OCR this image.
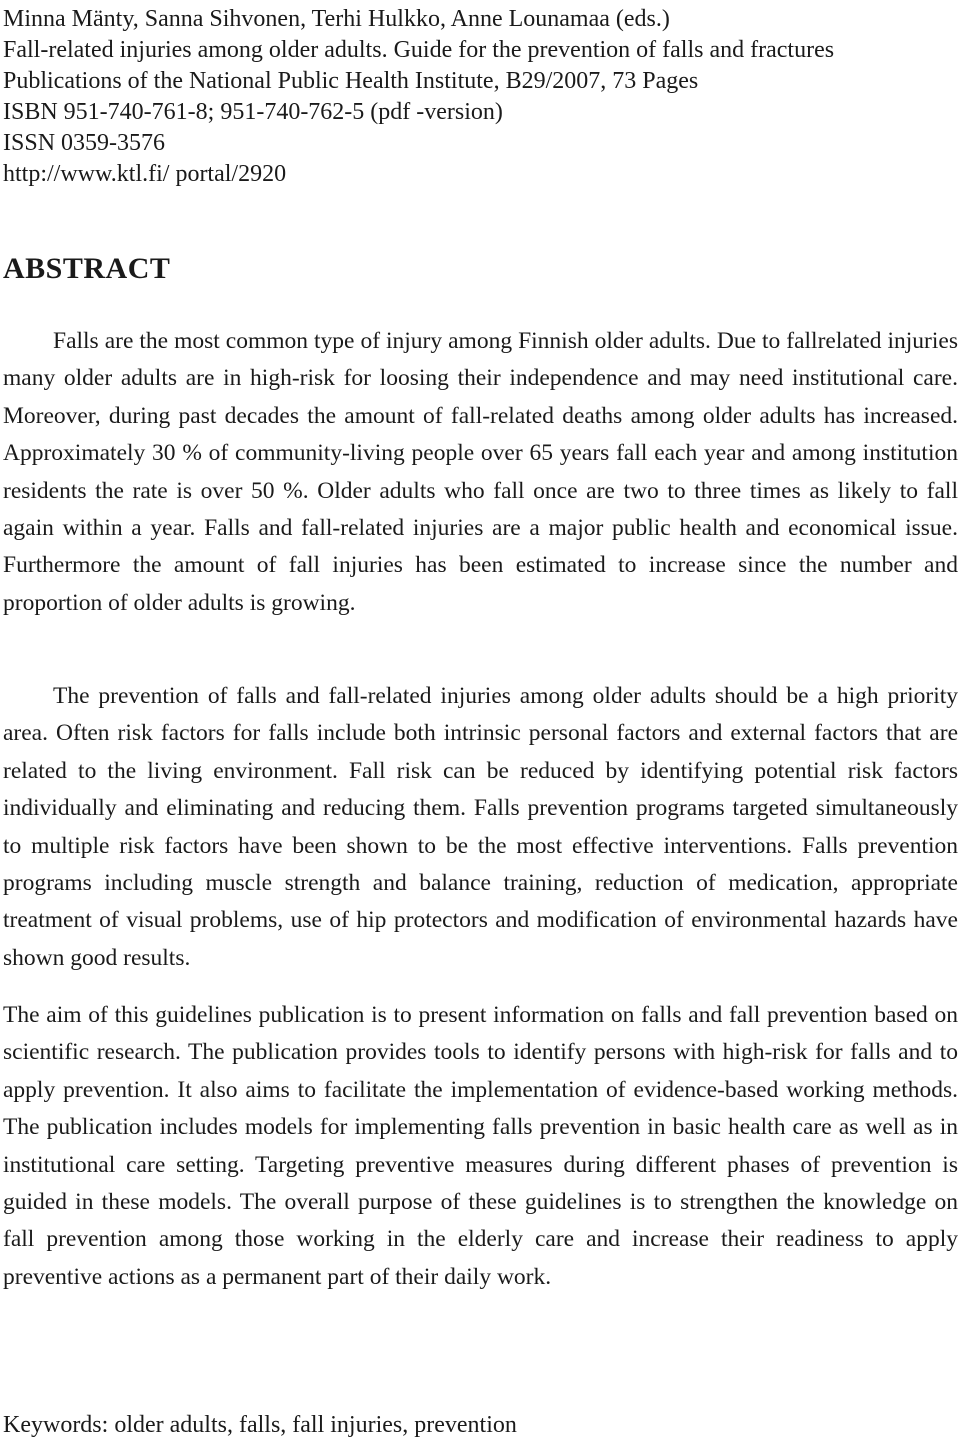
Minna Mänty, Sanna Sihvonen, Terhi Hulkko, Anne Lounamaa (eds.)
Fall-related injuries among older adults. Guide for the prevention of falls and fractures
Publications of the National Public Health Institute, B29/2007, 73 Pages
ISBN 951-740-761-8; 951-740-762-5 (pdf -version)
ISSN 0359-3576
http://www.ktl.fi/ portal/2920
ABSTRACT

Falls are the most common type of injury among Finnish older adults. Due to fallrelated injuries many older adults are in high-risk for loosing their independence and may need institutional care. Moreover, during past decades the amount of fall-related deaths among older adults has increased. Approximately 30 % of community-living people over 65 years fall each year and among institution residents the rate is over 50 %. Older adults who fall once are two to three times as likely to fall again within a year. Falls and fall-related injuries are a major public health and economical issue. Furthermore the amount of fall injuries has been estimated to increase since the number and proportion of older adults is growing.

The prevention of falls and fall-related injuries among older adults should be a high priority area. Often risk factors for falls include both intrinsic personal factors and external factors that are related to the living environment. Fall risk can be reduced by identifying potential risk factors individually and eliminating and reducing them. Falls prevention programs targeted simultaneously to multiple risk factors have been shown to be the most effective interventions. Falls prevention programs including muscle strength and balance training, reduction of medication, appropriate treatment of visual problems, use of hip protectors and modification of environmental hazards have shown good results.

The aim of this guidelines publication is to present information on falls and fall prevention based on scientific research. The publication provides tools to identify persons with high-risk for falls and to apply prevention. It also aims to facilitate the implementation of evidence-based working methods. The publication includes models for implementing falls prevention in basic health care as well as in institutional care setting. Targeting preventive measures during different phases of prevention is guided in these models. The overall purpose of these guidelines is to strengthen the knowledge on fall prevention among those working in the elderly care and increase their readiness to apply preventive actions as a permanent part of their daily work.

Keywords: older adults, falls, fall injuries, prevention
